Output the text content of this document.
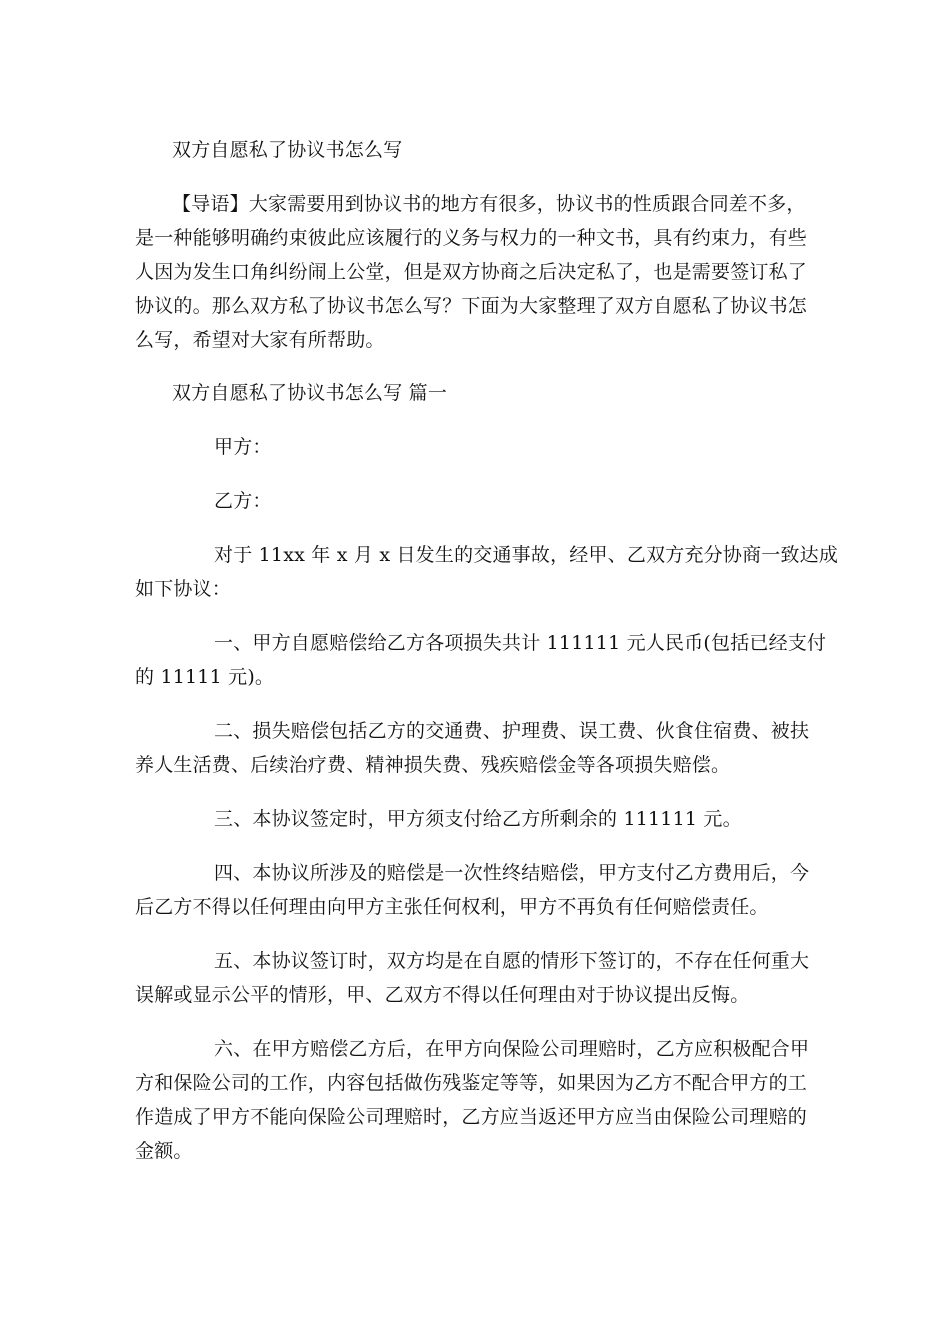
双方自愿私了协议书怎么写
【导语】大家需要用到协议书的地方有很多，协议书的性质跟合同差不多，
是一种能够明确约束彼此应该履行的义务与权力的一种文书，具有约束力，有些
人因为发生口角纠纷闹上公堂，但是双方协商之后决定私了，也是需要签订私了
协议的。那么双方私了协议书怎么写？下面为大家整理了双方自愿私了协议书怎
么写，希望对大家有所帮助。
双方自愿私了协议书怎么写 篇一
甲方：
乙方：
对于 11xx 年 x 月 x 日发生的交通事故，经甲、乙双方充分协商一致达成
如下协议：
一、甲方自愿赔偿给乙方各项损失共计 111111 元人民币(包括已经支付
的 11111 元)。
二、损失赔偿包括乙方的交通费、护理费、误工费、伙食住宿费、被扶
养人生活费、后续治疗费、精神损失费、残疾赔偿金等各项损失赔偿。
三、本协议签定时，甲方须支付给乙方所剩余的 111111 元。
四、本协议所涉及的赔偿是一次性终结赔偿，甲方支付乙方费用后，今
后乙方不得以任何理由向甲方主张任何权利，甲方不再负有任何赔偿责任。
五、本协议签订时，双方均是在自愿的情形下签订的，不存在任何重大
误解或显示公平的情形，甲、乙双方不得以任何理由对于协议提出反悔。
六、在甲方赔偿乙方后，在甲方向保险公司理赔时，乙方应积极配合甲
方和保险公司的工作，内容包括做伤残鉴定等等，如果因为乙方不配合甲方的工
作造成了甲方不能向保险公司理赔时，乙方应当返还甲方应当由保险公司理赔的
金额。
